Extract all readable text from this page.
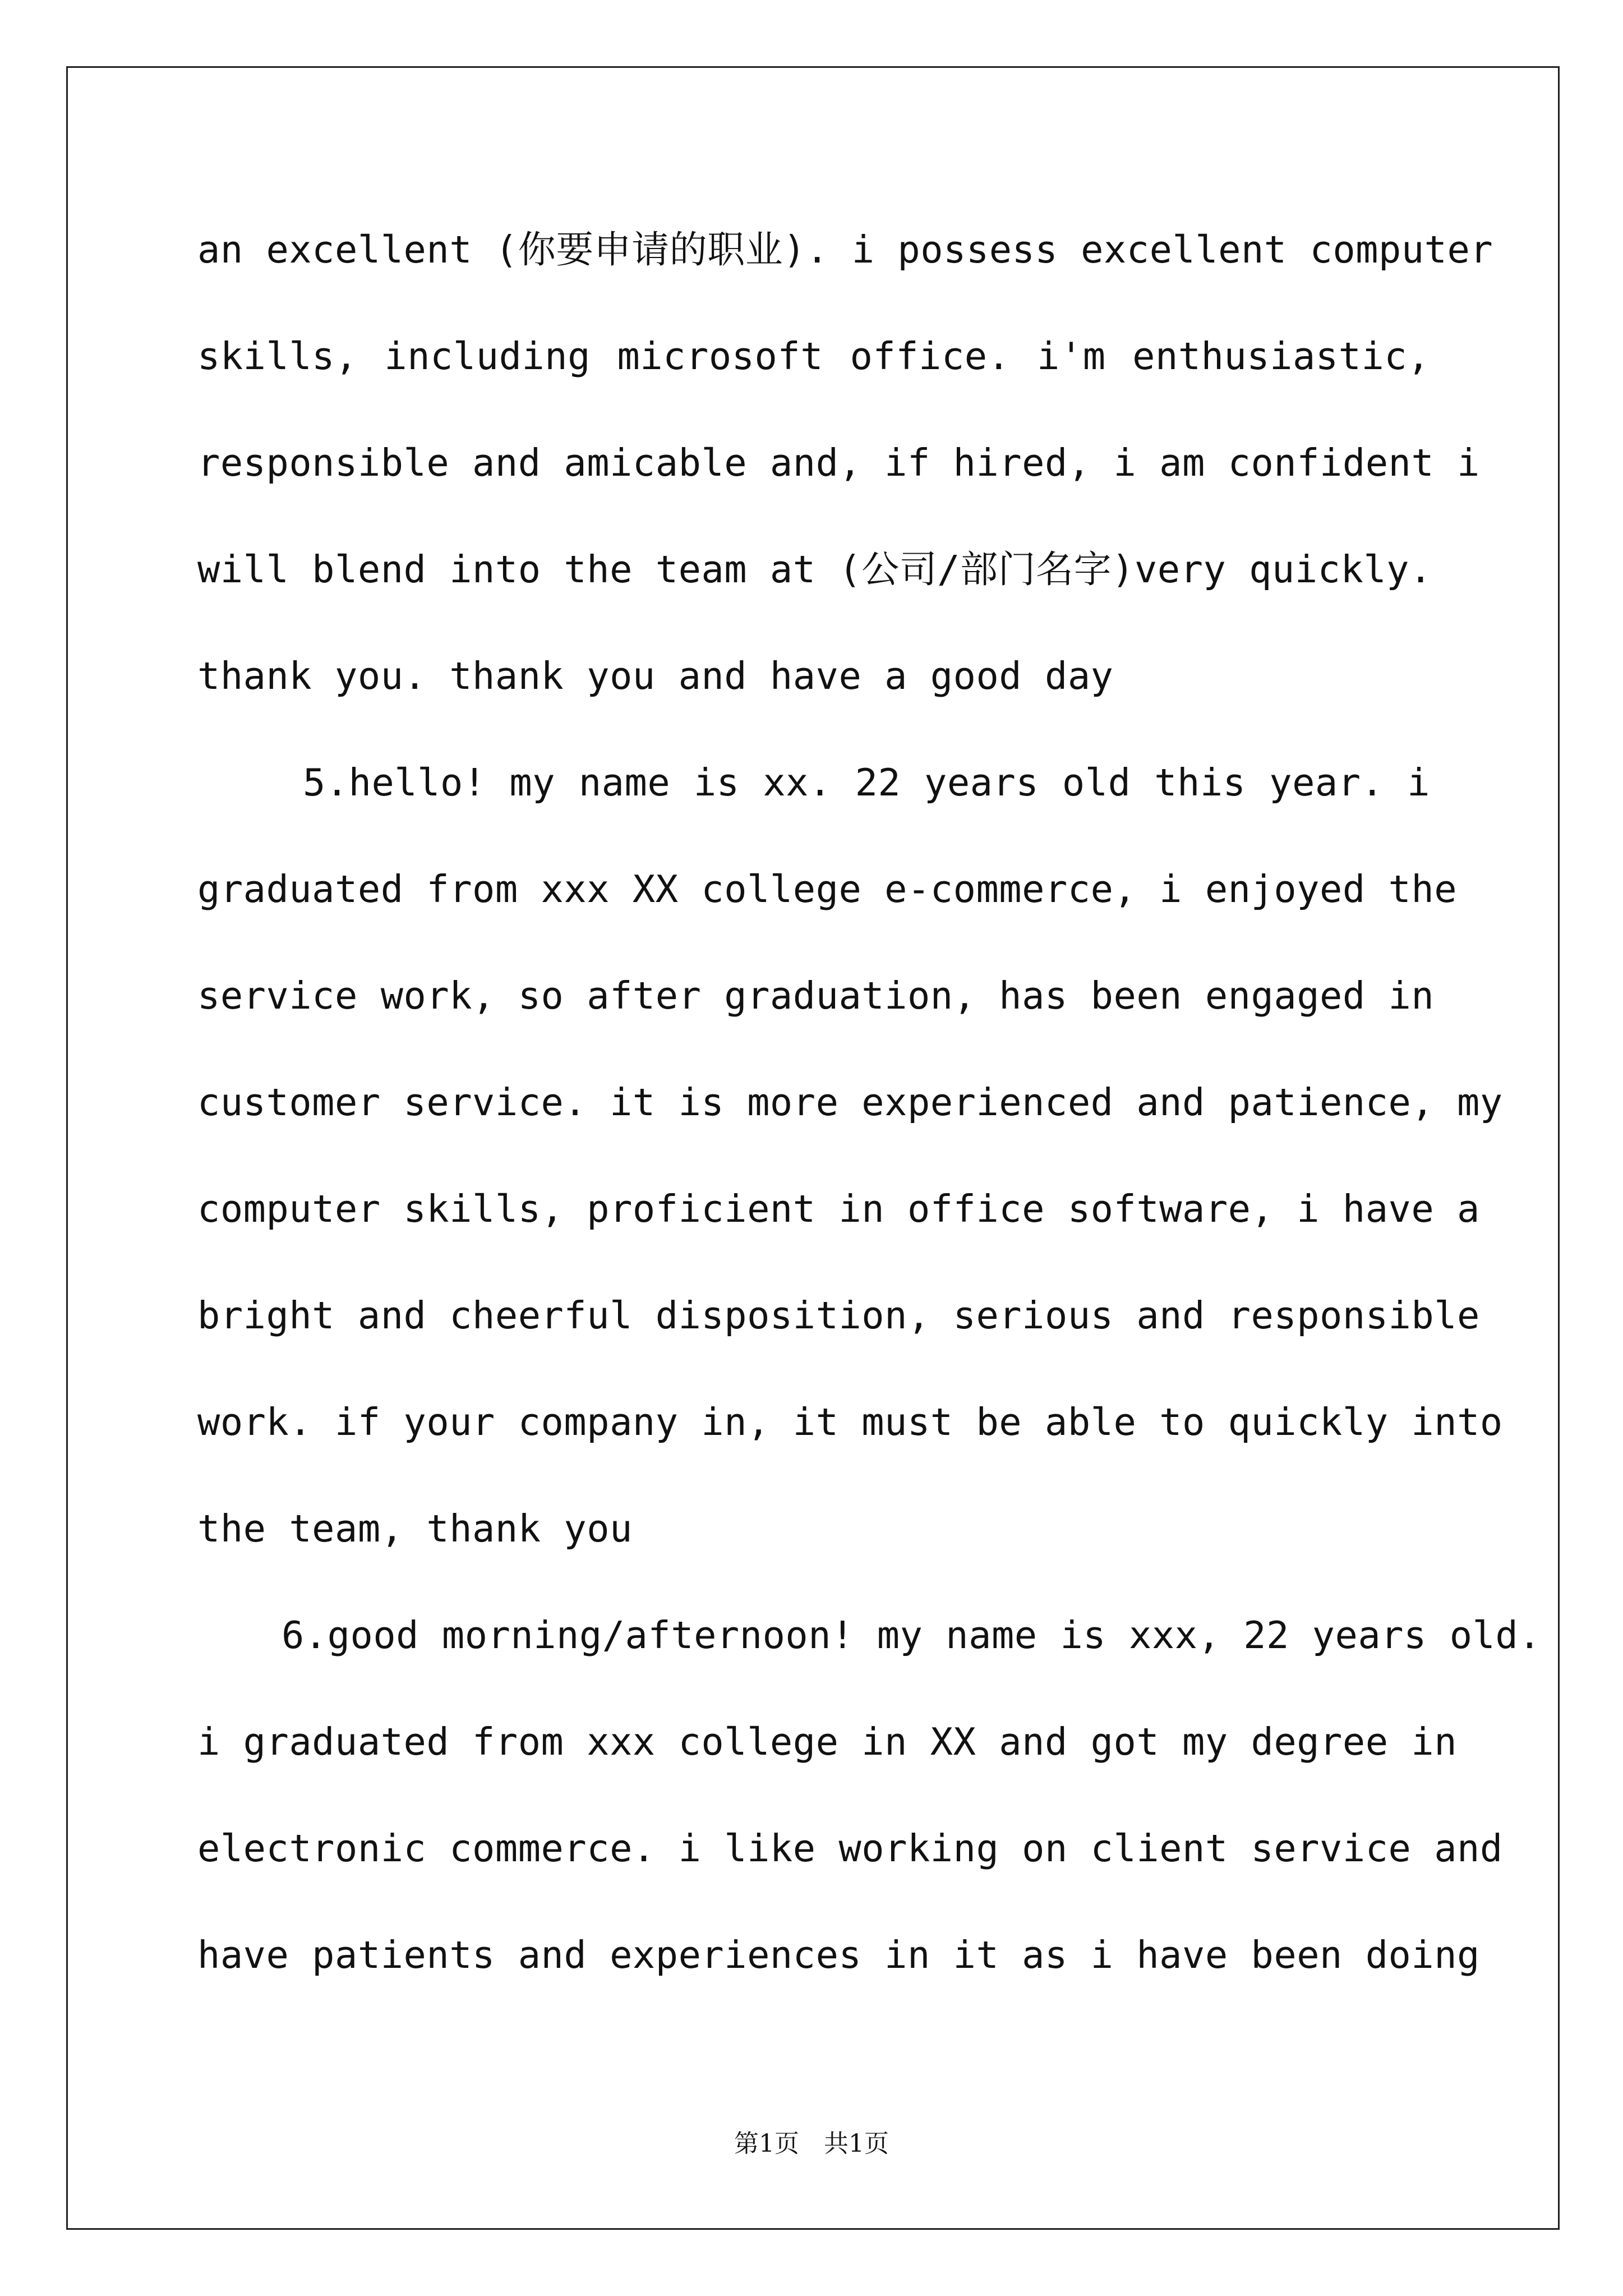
an excellent (你要申请的职业). i possess excellent computer
skills, including microsoft office. i'm enthusiastic,
responsible and amicable and, if hired, i am confident i
will blend into the team at (公司/部门名字)very quickly.
thank you. thank you and have a good day
5.hello! my name is xx. 22 years old this year. i
graduated from xxx XX college e-commerce, i enjoyed the
service work, so after graduation, has been engaged in
customer service. it is more experienced and patience, my
computer skills, proficient in office software, i have a
bright and cheerful disposition, serious and responsible
work. if your company in, it must be able to quickly into
the team, thank you
6.good morning/afternoon! my name is xxx, 22 years old.
i graduated from xxx college in XX and got my degree in
electronic commerce. i like working on client service and
have patients and experiences in it as i have been doing
第1页　共1页
